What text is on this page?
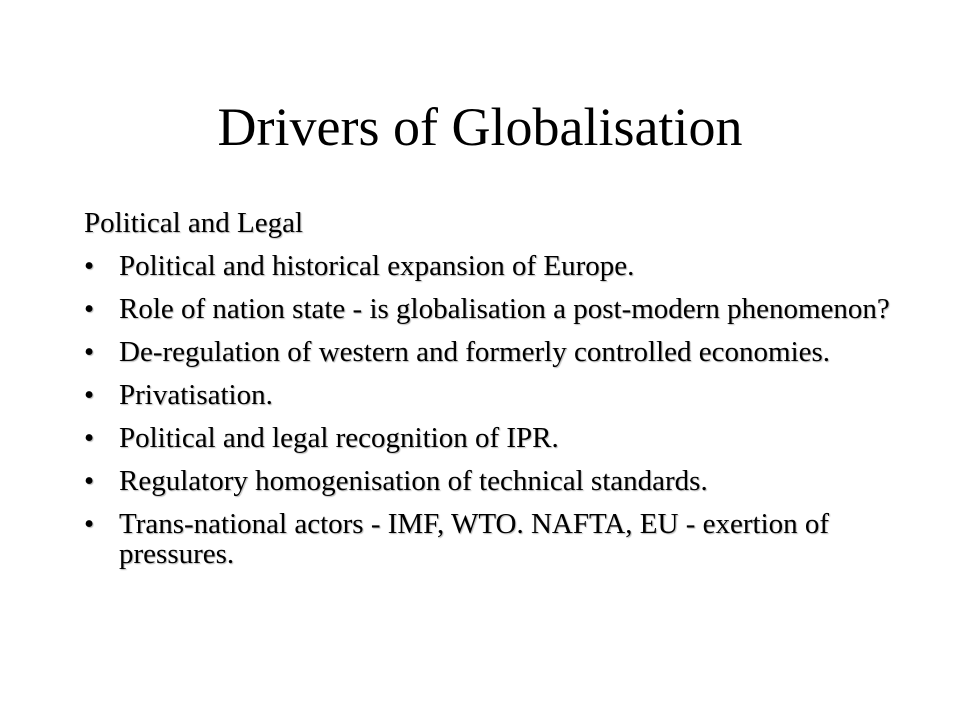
Drivers of Globalisation
Political and Legal
• Political and historical expansion of Europe.
• Role of nation state - is globalisation a post-modern phenomenon?
• De-regulation of western and formerly controlled economies.
• Privatisation.
• Political and legal recognition of IPR.
• Regulatory homogenisation of technical standards.
• Trans-national actors - IMF, WTO. NAFTA, EU - exertion of pressures.
